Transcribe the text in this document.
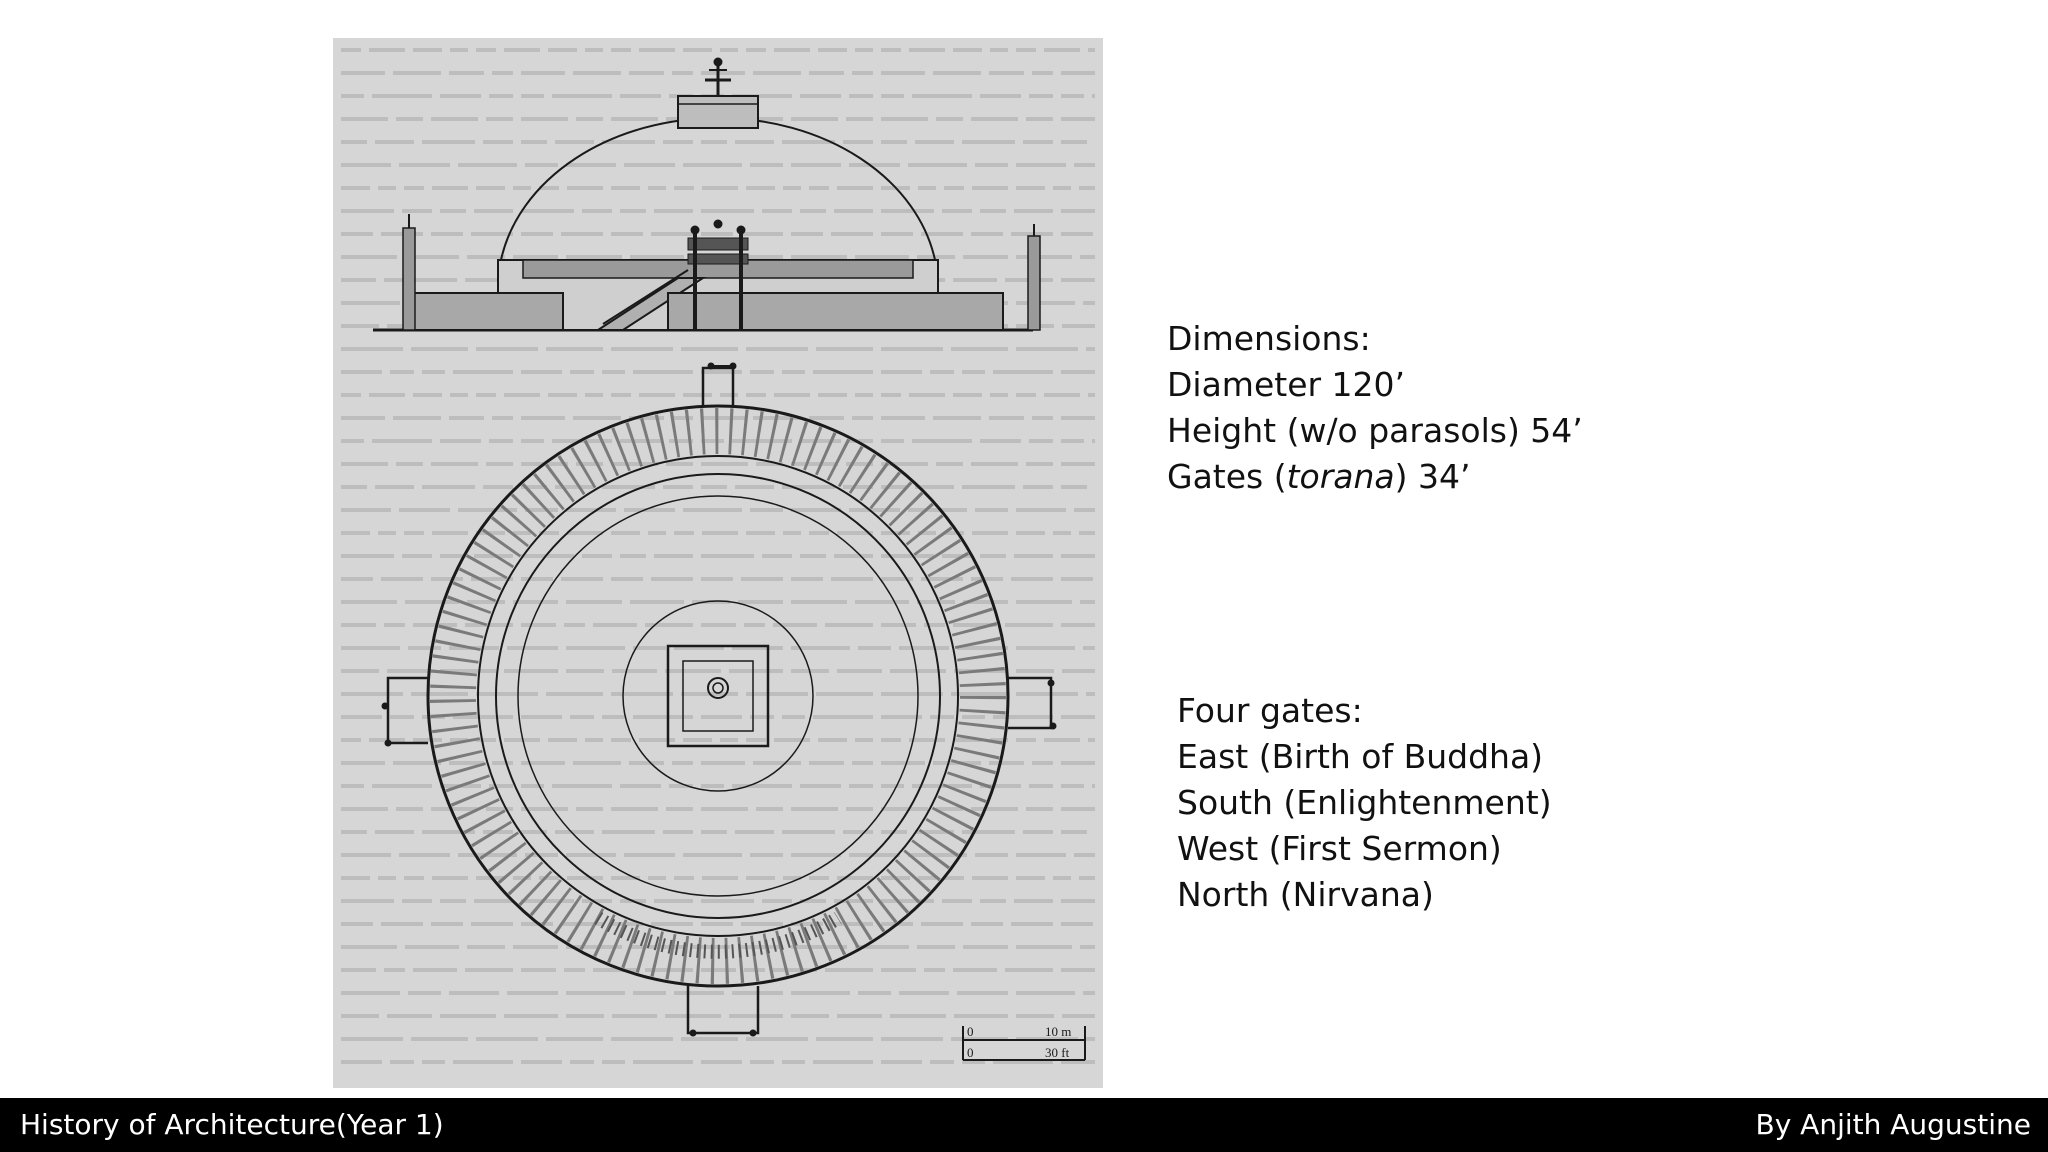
0	10 m
0	30 ft
Dimensions:
Diameter 120’
Height (w/o parasols) 54’
Gates (torana) 34’
Four gates:
East (Birth of Buddha)
South (Enlightenment)
West (First Sermon)
North (Nirvana)
History of Architecture(Year 1)	By Anjith Augustine
